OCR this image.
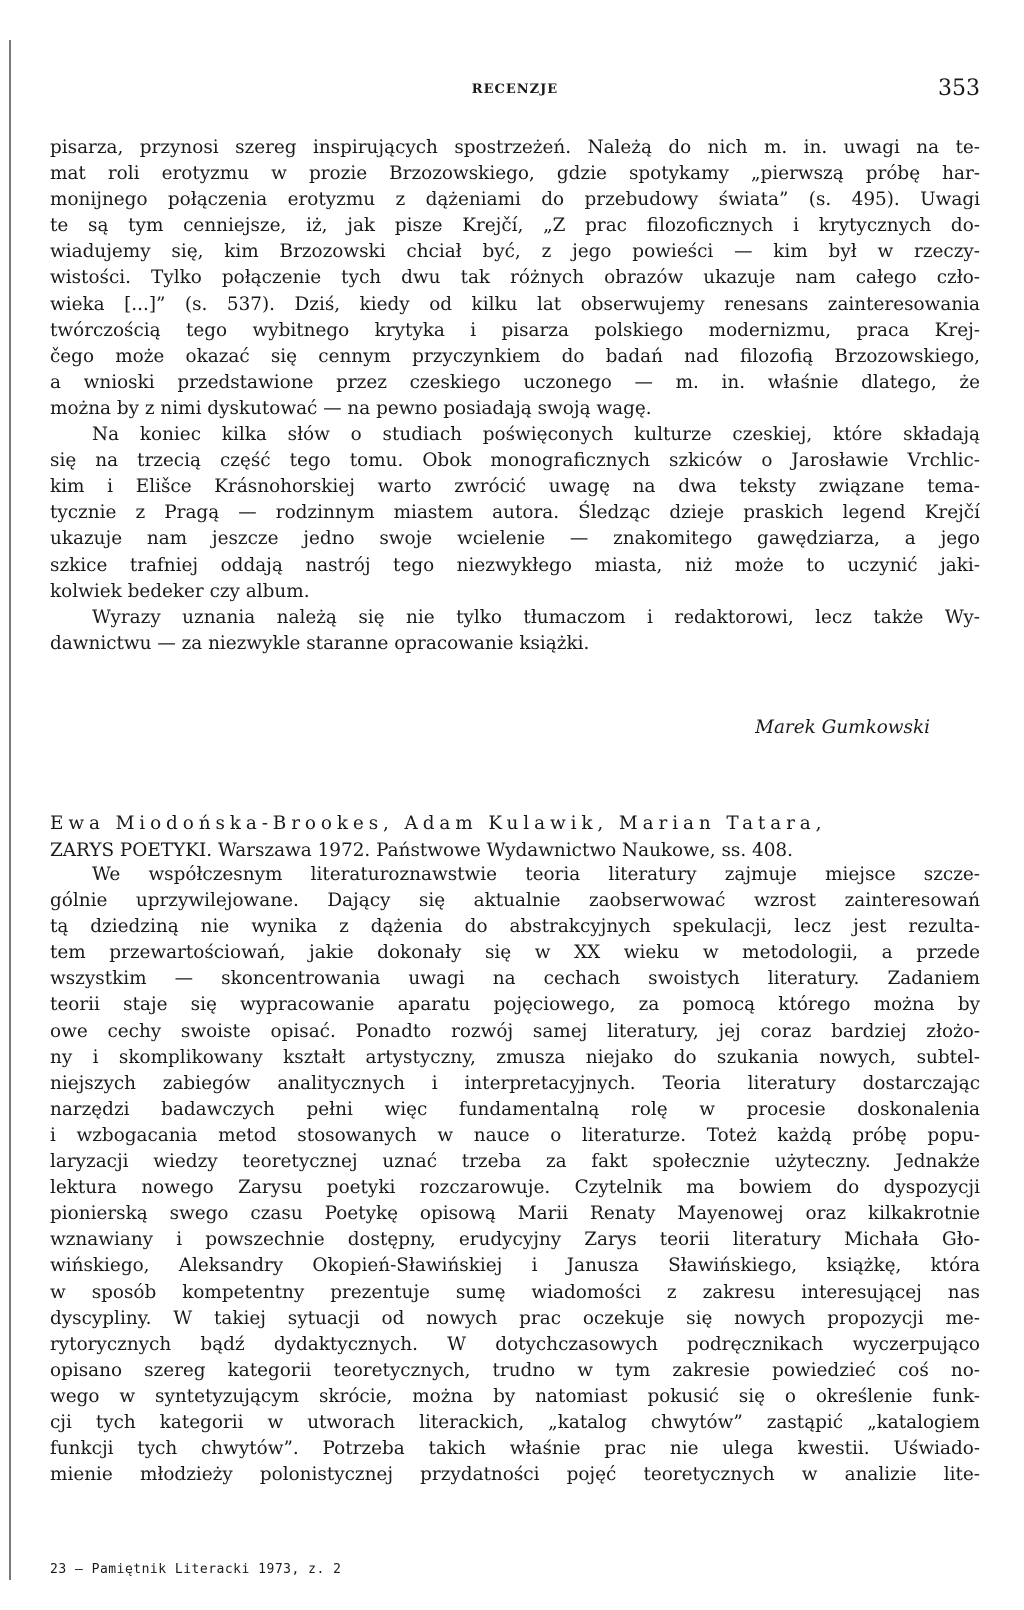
RECENZJE	353
pisarza, przynosi szereg inspirujących spostrzeżeń. Należą do nich m. in. uwagi na te-
mat roli erotyzmu w prozie Brzozowskiego, gdzie spotykamy „pierwszą próbę har-
monijnego połączenia erotyzmu z dążeniami do przebudowy świata” (s. 495). Uwagi
te są tym cenniejsze, iż, jak pisze Krejčí, „Z prac filozoficznych i krytycznych do-
wiadujemy się, kim Brzozowski chciał być, z jego powieści — kim był w rzeczy-
wistości. Tylko połączenie tych dwu tak różnych obrazów ukazuje nam całego czło-
wieka [...]” (s. 537). Dziś, kiedy od kilku lat obserwujemy renesans zainteresowania
twórczością tego wybitnego krytyka i pisarza polskiego modernizmu, praca Krej-
čego może okazać się cennym przyczynkiem do badań nad filozofią Brzozowskiego,
a wnioski przedstawione przez czeskiego uczonego — m. in. właśnie dlatego, że
można by z nimi dyskutować — na pewno posiadają swoją wagę.
Na koniec kilka słów o studiach poświęconych kulturze czeskiej, które składają
się na trzecią część tego tomu. Obok monograficznych szkiców o Jarosławie Vrchlic-
kim i Elišce Krásnohorskiej warto zwrócić uwagę na dwa teksty związane tema-
tycznie z Pragą — rodzinnym miastem autora. Śledząc dzieje praskich legend Krejčí
ukazuje nam jeszcze jedno swoje wcielenie — znakomitego gawędziarza, a jego
szkice trafniej oddają nastrój tego niezwykłego miasta, niż może to uczynić jaki-
kolwiek bedeker czy album.
Wyrazy uznania należą się nie tylko tłumaczom i redaktorowi, lecz także Wy-
dawnictwu — za niezwykle staranne opracowanie książki.
Marek Gumkowski
Ewa Miodońska-Brookes, Adam Kulawik, Marian Tatara,
ZARYS POETYKI. Warszawa 1972. Państwowe Wydawnictwo Naukowe, ss. 408.
We współczesnym literaturoznawstwie teoria literatury zajmuje miejsce szcze-
gólnie uprzywilejowane. Dający się aktualnie zaobserwować wzrost zainteresowań
tą dziedziną nie wynika z dążenia do abstrakcyjnych spekulacji, lecz jest rezulta-
tem przewartościowań, jakie dokonały się w XX wieku w metodologii, a przede
wszystkim — skoncentrowania uwagi na cechach swoistych literatury. Zadaniem
teorii staje się wypracowanie aparatu pojęciowego, za pomocą którego można by
owe cechy swoiste opisać. Ponadto rozwój samej literatury, jej coraz bardziej złożo-
ny i skomplikowany kształt artystyczny, zmusza niejako do szukania nowych, subtel-
niejszych zabiegów analitycznych i interpretacyjnych. Teoria literatury dostarczając
narzędzi badawczych pełni więc fundamentalną rolę w procesie doskonalenia
i wzbogacania metod stosowanych w nauce o literaturze. Toteż każdą próbę popu-
laryzacji wiedzy teoretycznej uznać trzeba za fakt społecznie użyteczny. Jednakże
lektura nowego Zarysu poetyki rozczarowuje. Czytelnik ma bowiem do dyspozycji
pionierską swego czasu Poetykę opisową Marii Renaty Mayenowej oraz kilkakrotnie
wznawiany i powszechnie dostępny, erudycyjny Zarys teorii literatury Michała Gło-
wińskiego, Aleksandry Okopień-Sławińskiej i Janusza Sławińskiego, książkę, która
w sposób kompetentny prezentuje sumę wiadomości z zakresu interesującej nas
dyscypliny. W takiej sytuacji od nowych prac oczekuje się nowych propozycji me-
rytorycznych bądź dydaktycznych. W dotychczasowych podręcznikach wyczerpująco
opisano szereg kategorii teoretycznych, trudno w tym zakresie powiedzieć coś no-
wego w syntetyzującym skrócie, można by natomiast pokusić się o określenie funk-
cji tych kategorii w utworach literackich, „katalog chwytów” zastąpić „katalogiem
funkcji tych chwytów”. Potrzeba takich właśnie prac nie ulega kwestii. Uświado-
mienie młodzieży polonistycznej przydatności pojęć teoretycznych w analizie lite-
23 — Pamiętnik Literacki 1973, z. 2
